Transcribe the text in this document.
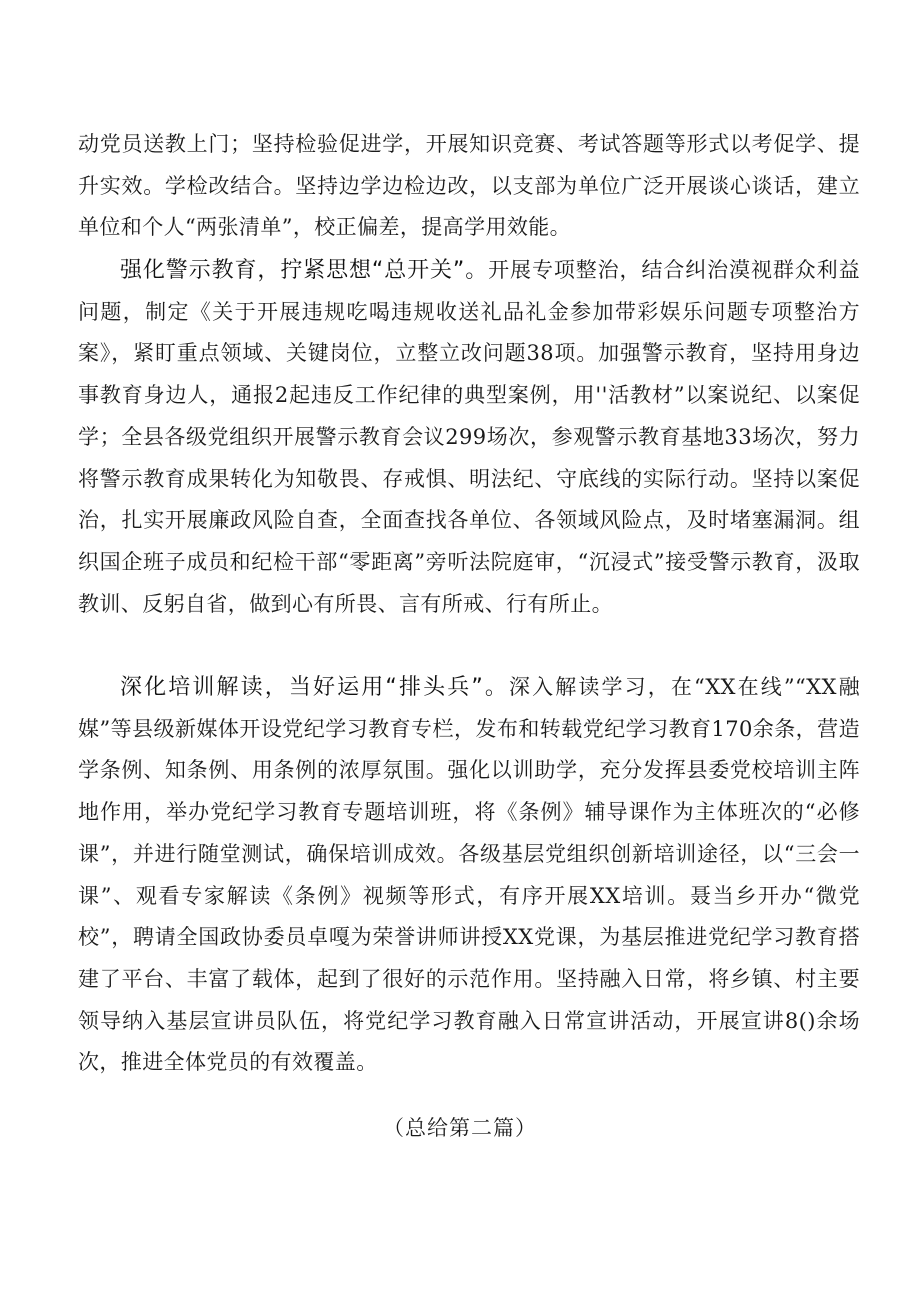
动党员送教上门；坚持检验促进学，开展知识竞赛、考试答题等形式以考促学、提升实效。学检改结合。坚持边学边检边改，以支部为单位广泛开展谈心谈话，建立单位和个人“两张清单”，校正偏差，提高学用效能。

强化警示教育，拧紧思想“总开关”。开展专项整治，结合纠治漠视群众利益问题，制定《关于开展违规吃喝违规收送礼品礼金参加带彩娱乐问题专项整治方案》，紧盯重点领域、关键岗位，立整立改问题38项。加强警示教育，坚持用身边事教育身边人，通报2起违反工作纪律的典型案例，用''活教材”以案说纪、以案促学；全县各级党组织开展警示教育会议299场次，参观警示教育基地33场次，努力将警示教育成果转化为知敬畏、存戒惧、明法纪、守底线的实际行动。坚持以案促治，扎实开展廉政风险自查，全面查找各单位、各领域风险点，及时堵塞漏洞。组织国企班子成员和纪检干部“零距离”旁听法院庭审，“沉浸式”接受警示教育，汲取教训、反躬自省，做到心有所畏、言有所戒、行有所止。

深化培训解读，当好运用“排头兵”。深入解读学习，在“XX在线”“XX融媒”等县级新媒体开设党纪学习教育专栏，发布和转载党纪学习教育170余条，营造学条例、知条例、用条例的浓厚氛围。强化以训助学，充分发挥县委党校培训主阵地作用，举办党纪学习教育专题培训班，将《条例》辅导课作为主体班次的“必修课”，并进行随堂测试，确保培训成效。各级基层党组织创新培训途径，以“三会一课”、观看专家解读《条例》视频等形式，有序开展XX培训。聂当乡开办“微党校”，聘请全国政协委员卓嘎为荣誉讲师讲授XX党课，为基层推进党纪学习教育搭建了平台、丰富了载体，起到了很好的示范作用。坚持融入日常，将乡镇、村主要领导纳入基层宣讲员队伍，将党纪学习教育融入日常宣讲活动，开展宣讲8()余场次，推进全体党员的有效覆盖。

（总给第二篇）
